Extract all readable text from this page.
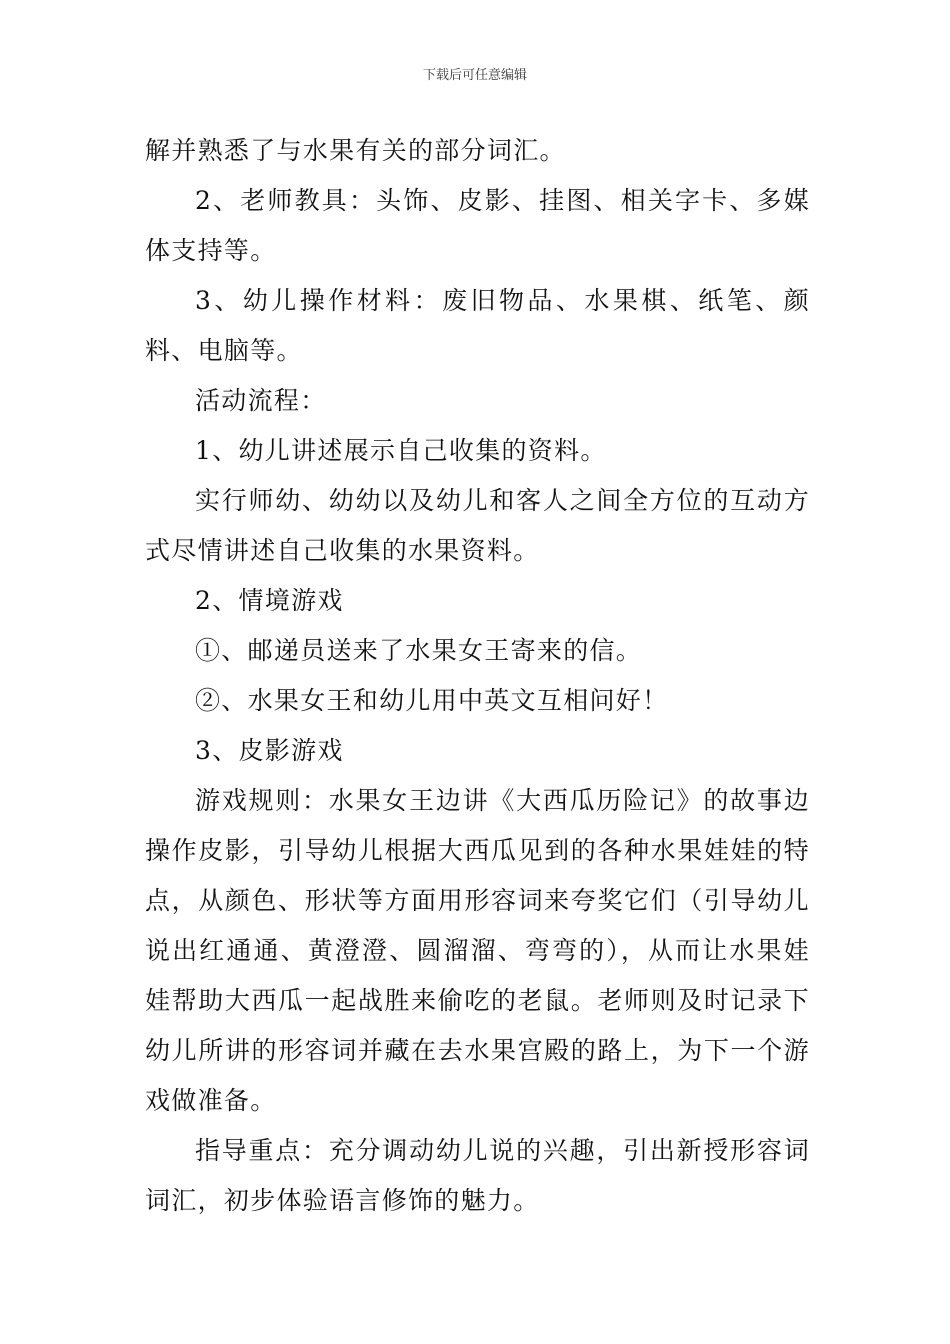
下载后可任意编辑

解并熟悉了与水果有关的部分词汇。

2、老师教具：头饰、皮影、挂图、相关字卡、多媒体支持等。

3、幼儿操作材料：废旧物品、水果棋、纸笔、颜料、电脑等。

活动流程：

1、幼儿讲述展示自己收集的资料。

实行师幼、幼幼以及幼儿和客人之间全方位的互动方式尽情讲述自己收集的水果资料。

2、情境游戏

①、邮递员送来了水果女王寄来的信。

②、水果女王和幼儿用中英文互相问好！

3、皮影游戏

游戏规则：水果女王边讲《大西瓜历险记》的故事边操作皮影，引导幼儿根据大西瓜见到的各种水果娃娃的特点，从颜色、形状等方面用形容词来夸奖它们（引导幼儿说出红通通、黄澄澄、圆溜溜、弯弯的），从而让水果娃娃帮助大西瓜一起战胜来偷吃的老鼠。老师则及时记录下幼儿所讲的形容词并藏在去水果宫殿的路上，为下一个游戏做准备。

指导重点：充分调动幼儿说的兴趣，引出新授形容词词汇，初步体验语言修饰的魅力。
